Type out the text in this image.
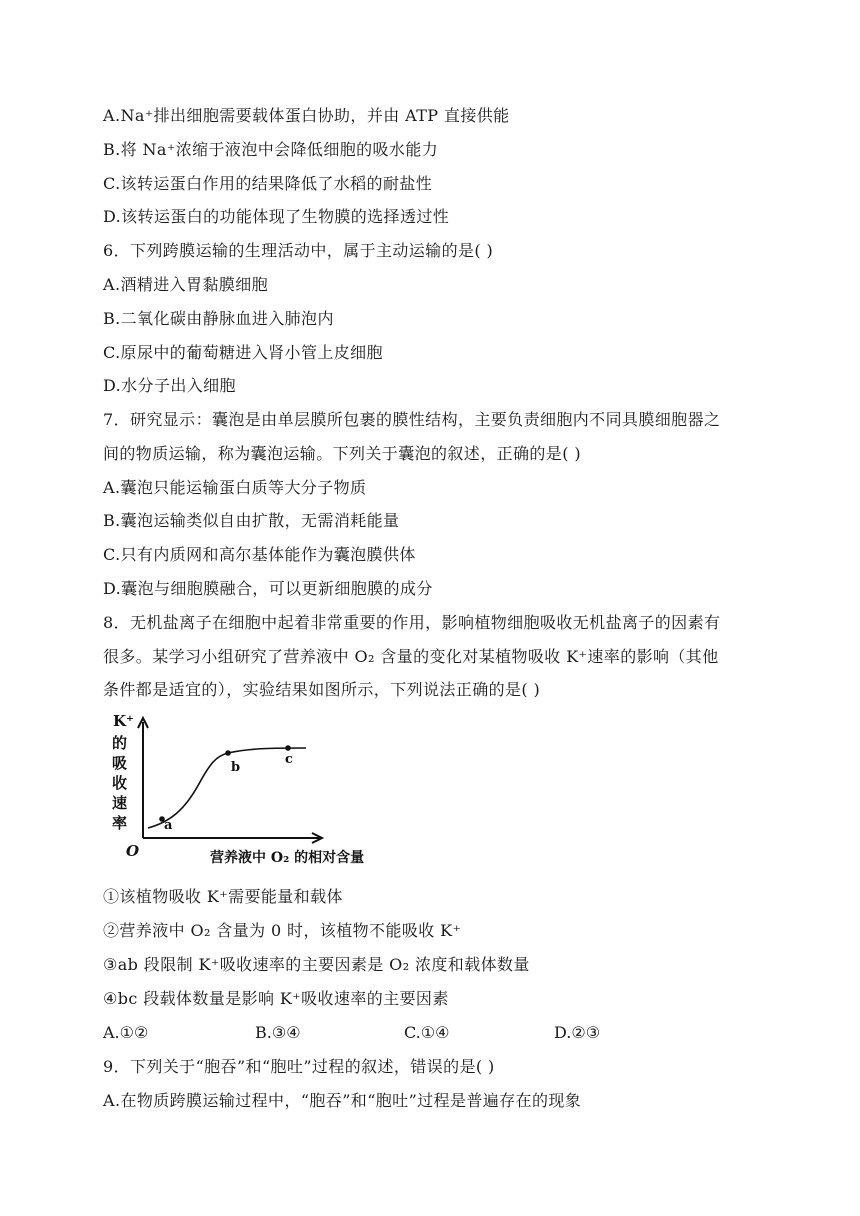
A.Na⁺排出细胞需要载体蛋白协助，并由 ATP 直接供能
B.将 Na⁺浓缩于液泡中会降低细胞的吸水能力
C.该转运蛋白作用的结果降低了水稻的耐盐性
D.该转运蛋白的功能体现了生物膜的选择透过性
6．下列跨膜运输的生理活动中，属于主动运输的是( )
A.酒精进入胃黏膜细胞
B.二氧化碳由静脉血进入肺泡内
C.原尿中的葡萄糖进入肾小管上皮细胞
D.水分子出入细胞
7．研究显示：囊泡是由单层膜所包裹的膜性结构，主要负责细胞内不同具膜细胞器之
间的物质运输，称为囊泡运输。下列关于囊泡的叙述，正确的是( )
A.囊泡只能运输蛋白质等大分子物质
B.囊泡运输类似自由扩散，无需消耗能量
C.只有内质网和高尔基体能作为囊泡膜供体
D.囊泡与细胞膜融合，可以更新细胞膜的成分
8．无机盐离子在细胞中起着非常重要的作用，影响植物细胞吸收无机盐离子的因素有
很多。某学习小组研究了营养液中 O₂ 含量的变化对某植物吸收 K⁺速率的影响（其他
条件都是适宜的），实验结果如图所示，下列说法正确的是( )
K⁺
的
吸
收
速
率
O	营养液中 O₂ 的相对含量
a
b
c
①该植物吸收 K⁺需要能量和载体
②营养液中 O₂ 含量为 0 时，该植物不能吸收 K⁺
③ab 段限制 K⁺吸收速率的主要因素是 O₂ 浓度和载体数量
④bc 段载体数量是影响 K⁺吸收速率的主要因素
A.①②	B.③④	C.①④	D.②③
9．下列关于“胞吞”和“胞吐”过程的叙述，错误的是( )
A.在物质跨膜运输过程中，“胞吞”和“胞吐”过程是普遍存在的现象
